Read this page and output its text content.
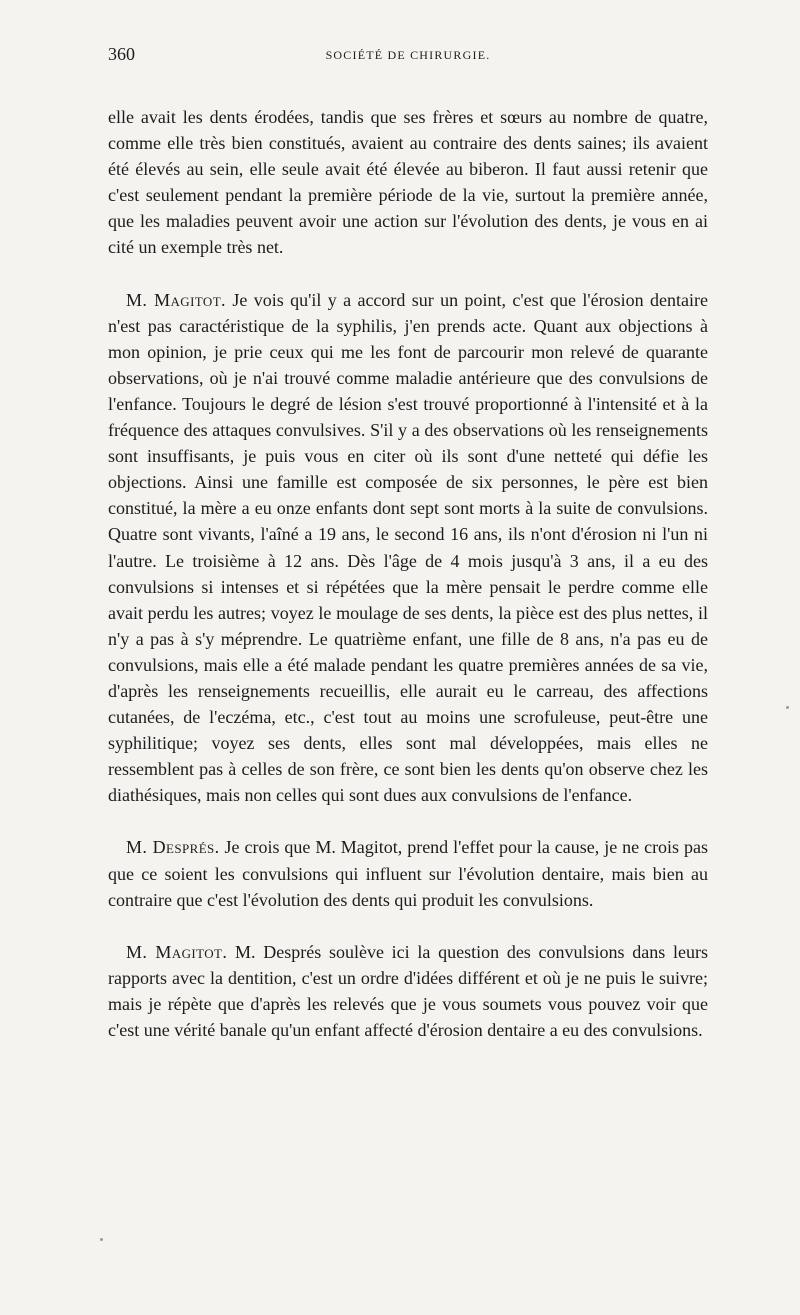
360	SOCIÉTÉ DE CHIRURGIE.

elle avait les dents érodées, tandis que ses frères et sœurs au nombre de quatre, comme elle très bien constitués, avaient au contraire des dents saines; ils avaient été élevés au sein, elle seule avait été élevée au biberon. Il faut aussi retenir que c'est seulement pendant la première période de la vie, surtout la première année, que les maladies peuvent avoir une action sur l'évolution des dents, je vous en ai cité un exemple très net.

M. Magitot. Je vois qu'il y a accord sur un point, c'est que l'érosion dentaire n'est pas caractéristique de la syphilis, j'en prends acte. Quant aux objections à mon opinion, je prie ceux qui me les font de parcourir mon relevé de quarante observations, où je n'ai trouvé comme maladie antérieure que des convulsions de l'enfance. Toujours le degré de lésion s'est trouvé proportionné à l'intensité et à la fréquence des attaques convulsives. S'il y a des observations où les renseignements sont insuffisants, je puis vous en citer où ils sont d'une netteté qui défie les objections. Ainsi une famille est composée de six personnes, le père est bien constitué, la mère a eu onze enfants dont sept sont morts à la suite de convulsions. Quatre sont vivants, l'aîné a 19 ans, le second 16 ans, ils n'ont d'érosion ni l'un ni l'autre. Le troisième à 12 ans. Dès l'âge de 4 mois jusqu'à 3 ans, il a eu des convulsions si intenses et si répétées que la mère pensait le perdre comme elle avait perdu les autres; voyez le moulage de ses dents, la pièce est des plus nettes, il n'y a pas à s'y méprendre. Le quatrième enfant, une fille de 8 ans, n'a pas eu de convulsions, mais elle a été malade pendant les quatre premières années de sa vie, d'après les renseignements recueillis, elle aurait eu le carreau, des affections cutanées, de l'eczéma, etc., c'est tout au moins une scrofuleuse, peut-être une syphilitique; voyez ses dents, elles sont mal développées, mais elles ne ressemblent pas à celles de son frère, ce sont bien les dents qu'on observe chez les diathésiques, mais non celles qui sont dues aux convulsions de l'enfance.

M. Després. Je crois que M. Magitot, prend l'effet pour la cause, je ne crois pas que ce soient les convulsions qui influent sur l'évolution dentaire, mais bien au contraire que c'est l'évolution des dents qui produit les convulsions.

M. Magitot. M. Després soulève ici la question des convulsions dans leurs rapports avec la dentition, c'est un ordre d'idées différent et où je ne puis le suivre; mais je répète que d'après les relevés que je vous soumets vous pouvez voir que c'est une vérité banale qu'un enfant affecté d'érosion dentaire a eu des convulsions.
